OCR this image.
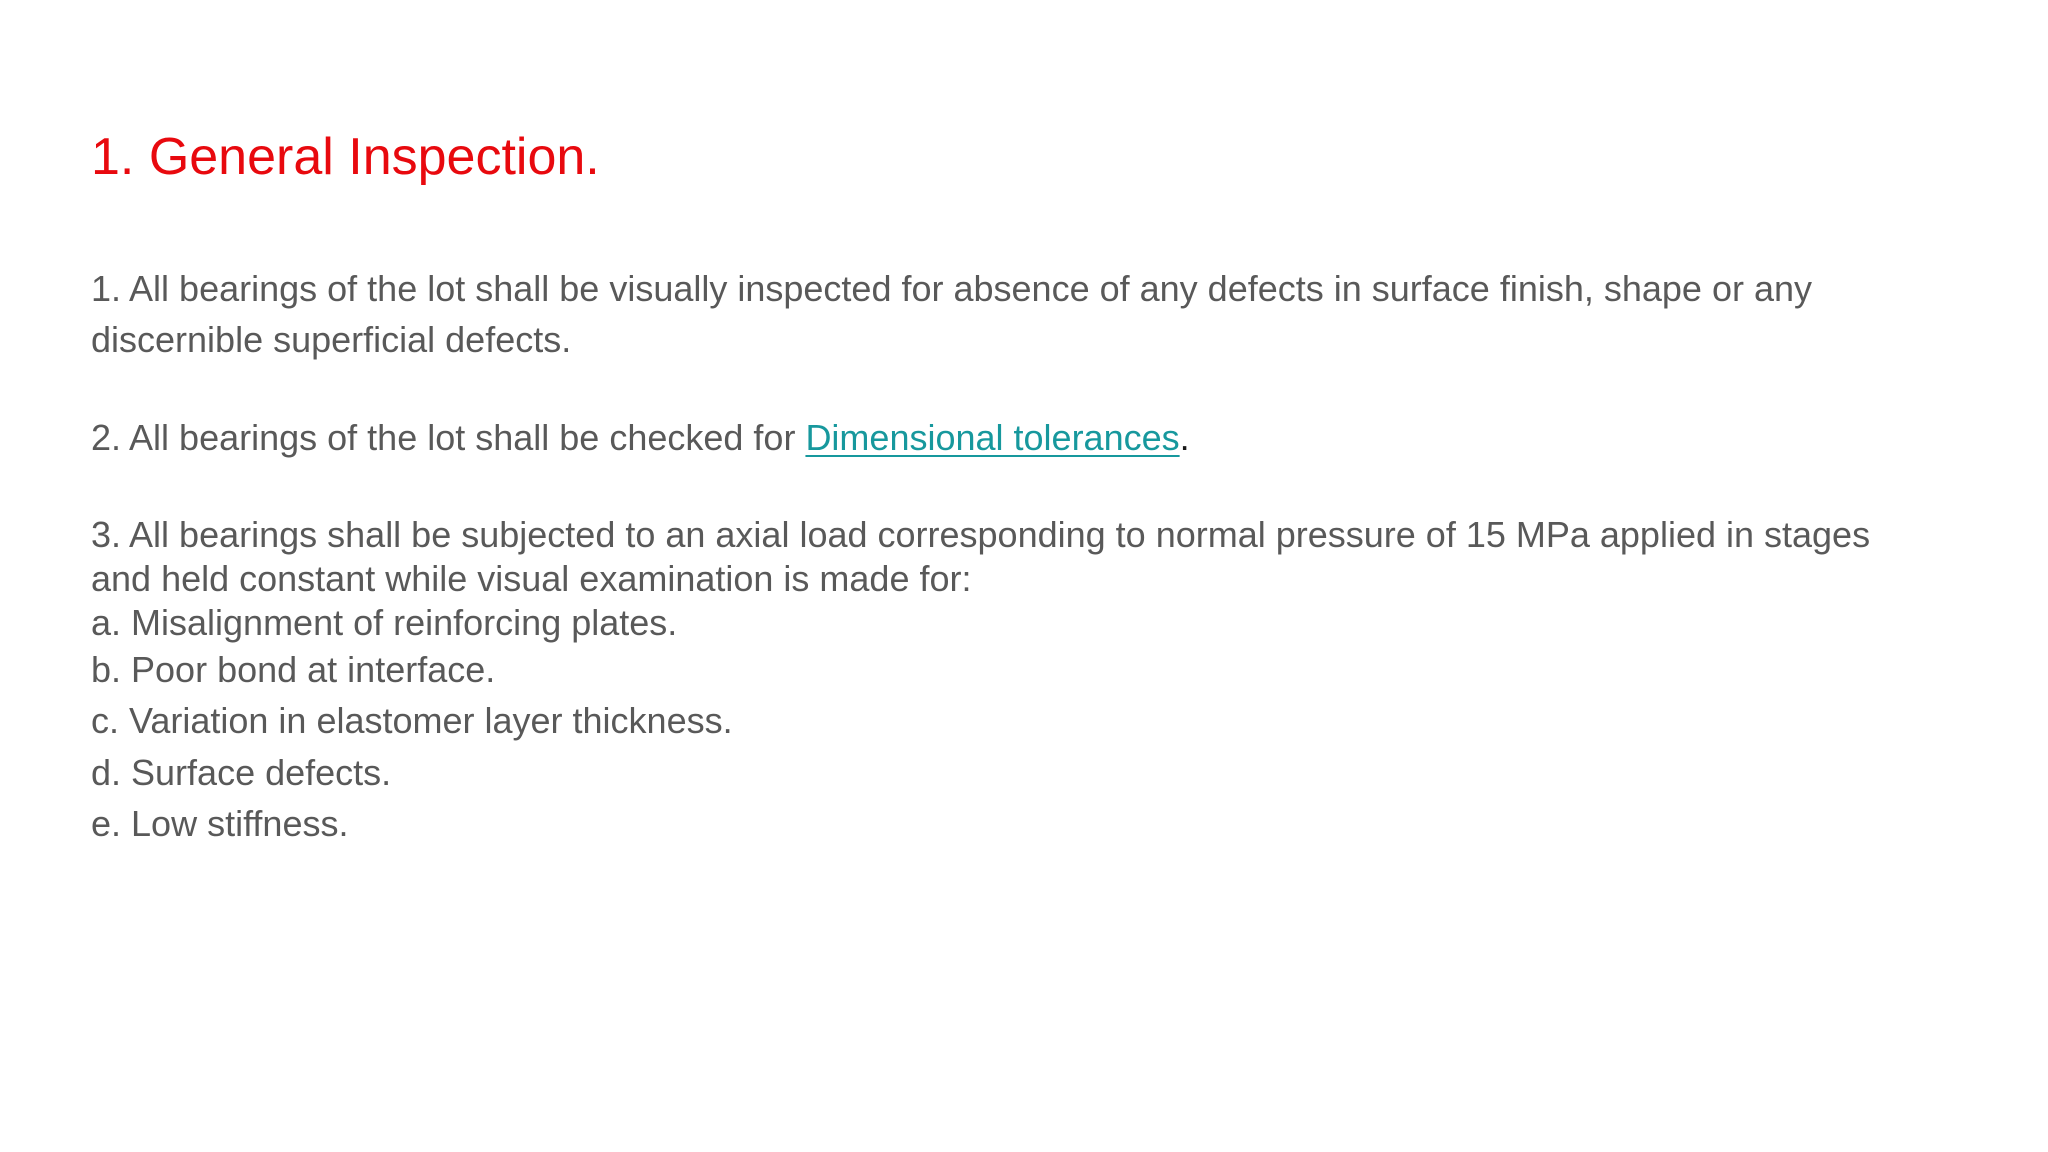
1. General Inspection.

1. All bearings of the lot shall be visually inspected for absence of any defects in surface finish, shape or any

discernible superficial defects.

2. All bearings of the lot shall be checked for Dimensional tolerances.

3. All bearings shall be subjected to an axial load corresponding to normal pressure of 15 MPa applied in stages

and held constant while visual examination is made for:

a. Misalignment of reinforcing plates.

b. Poor bond at interface.

c. Variation in elastomer layer thickness.

d. Surface defects.

e. Low stiffness.
